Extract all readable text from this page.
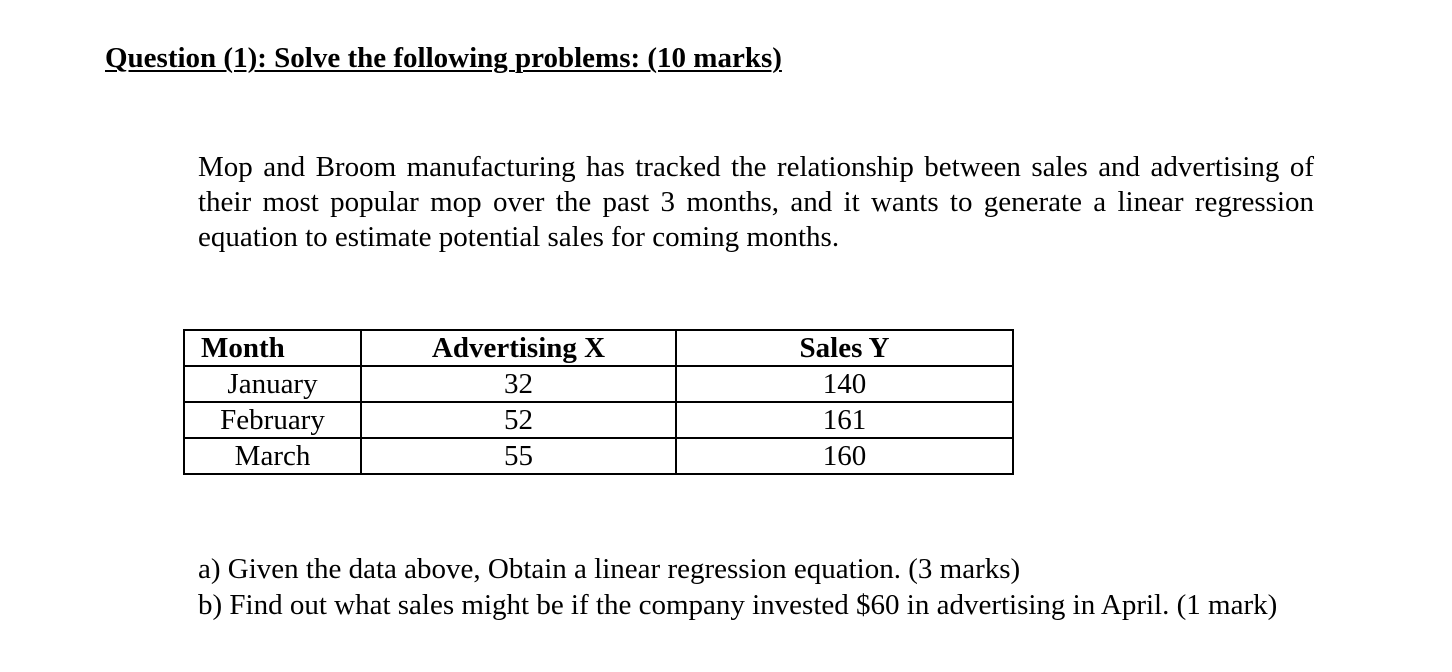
Question (1): Solve the following problems: (10 marks)

Mop and Broom manufacturing has tracked the relationship between sales and advertising of their most popular mop over the past 3 months, and it wants to generate a linear regression equation to estimate potential sales for coming months.

Month	Advertising X	Sales Y
January	32	140
February	52	161
March	55	160

a) Given the data above, Obtain a linear regression equation. (3 marks)

b) Find out what sales might be if the company invested $60 in advertising in April. (1 mark)
